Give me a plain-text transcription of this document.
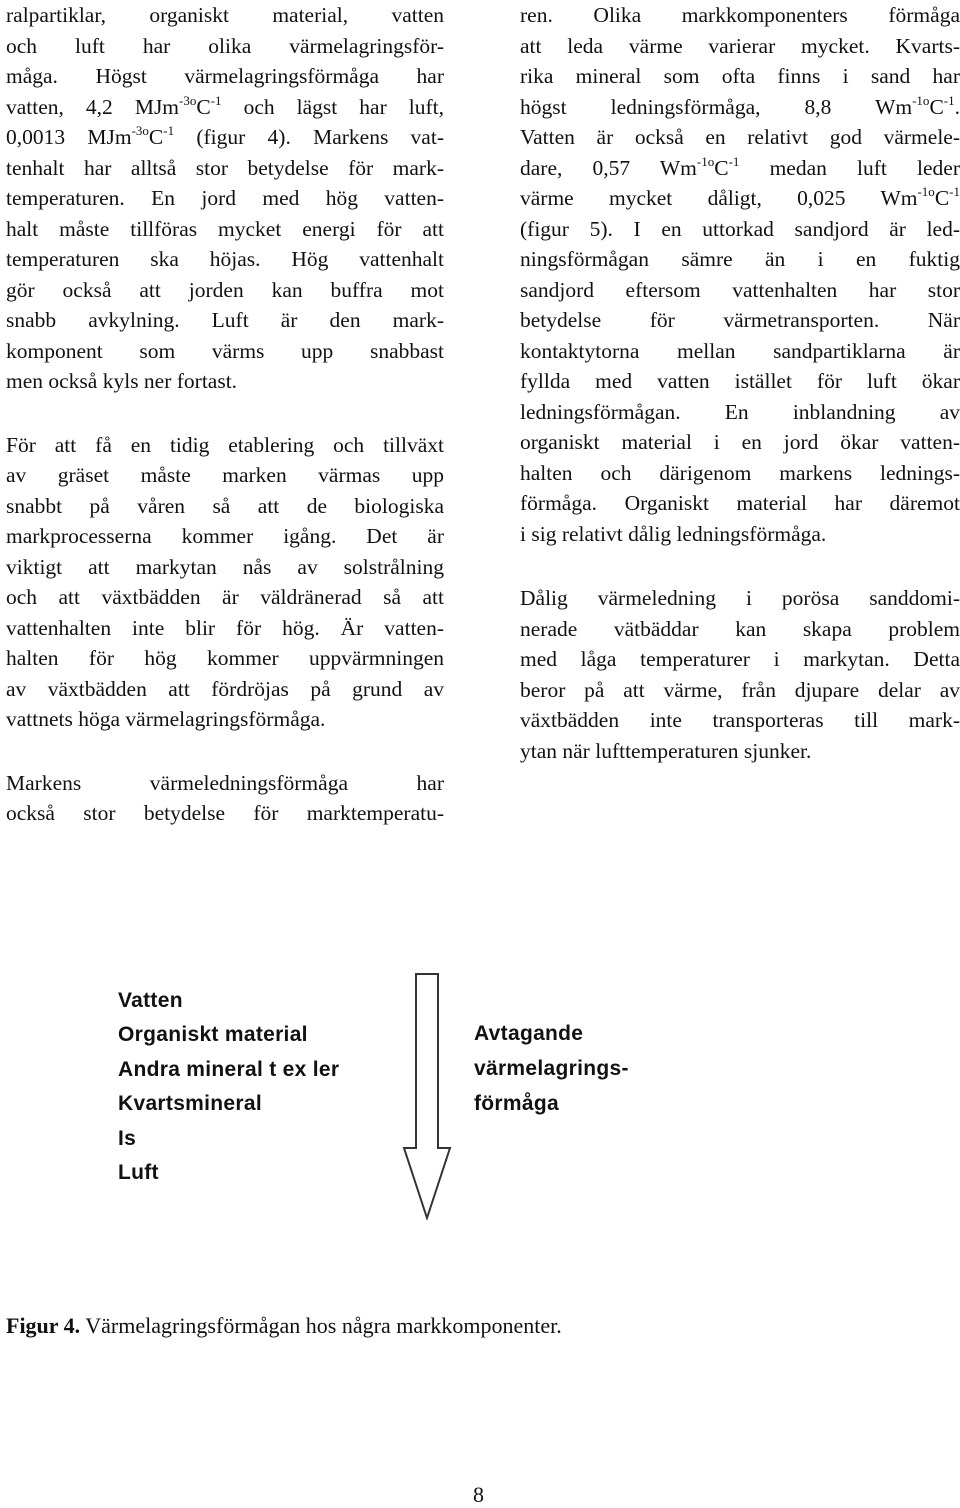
ralpartiklar, organiskt material, vatten
och luft har olika värmelagringsför-
måga. Högst värmelagringsförmåga har
vatten, 4,2 $MJm^{-3o}C^{-1}$ och lägst har luft,
0,0013 $MJm^{-3o}C^{-1}$ (figur 4). Markens vat-
tenhalt har alltså stor betydelse för mark-
temperaturen. En jord med hög vatten-
halt måste tillföras mycket energi för att
temperaturen ska höjas. Hög vattenhalt
gör också att jorden kan buffra mot
snabb avkylning. Luft är den mark-
komponent som värms upp snabbast
men också kyls ner fortast.
För att få en tidig etablering och tillväxt
av gräset måste marken värmas upp
snabbt på våren så att de biologiska
markprocesserna kommer igång. Det är
viktigt att markytan nås av solstrålning
och att växtbädden är väldränerad så att
vattenhalten inte blir för hög. Är vatten-
halten för hög kommer uppvärmningen
av växtbädden att fördröjas på grund av
vattnets höga värmelagringsförmåga.
Markens värmeledningsförmåga har
också stor betydelse för marktemperatu-
ren. Olika markkomponenters förmåga
att leda värme varierar mycket. Kvarts-
rika mineral som ofta finns i sand har
högst ledningsförmåga, 8,8 $Wm^{-1o}C^{-1}$.
Vatten är också en relativt god värmele-
dare, 0,57 $Wm^{-1o}C^{-1}$ medan luft leder
värme mycket dåligt, 0,025 $Wm^{-1o}C^{-1}$
(figur 5). I en uttorkad sandjord är led-
ningsförmågan sämre än i en fuktig
sandjord eftersom vattenhalten har stor
betydelse för värmetransporten. När
kontaktytorna mellan sandpartiklarna är
fyllda med vatten istället för luft ökar
ledningsförmågan. En inblandning av
organiskt material i en jord ökar vatten-
halten och därigenom markens lednings-
förmåga. Organiskt material har däremot
i sig relativt dålig ledningsförmåga.
Dålig värmeledning i porösa sanddomi-
nerade vätbäddar kan skapa problem
med låga temperaturer i markytan. Detta
beror på att värme, från djupare delar av
växtbädden inte transporteras till mark-
ytan när lufttemperaturen sjunker.
Vatten
Organiskt material
Andra mineral t ex ler
Kvartsmineral
Is
Luft
Avtagande
värmelagrings-
förmåga
Figur 4. Värmelagringsförmågan hos några markkomponenter.
8
